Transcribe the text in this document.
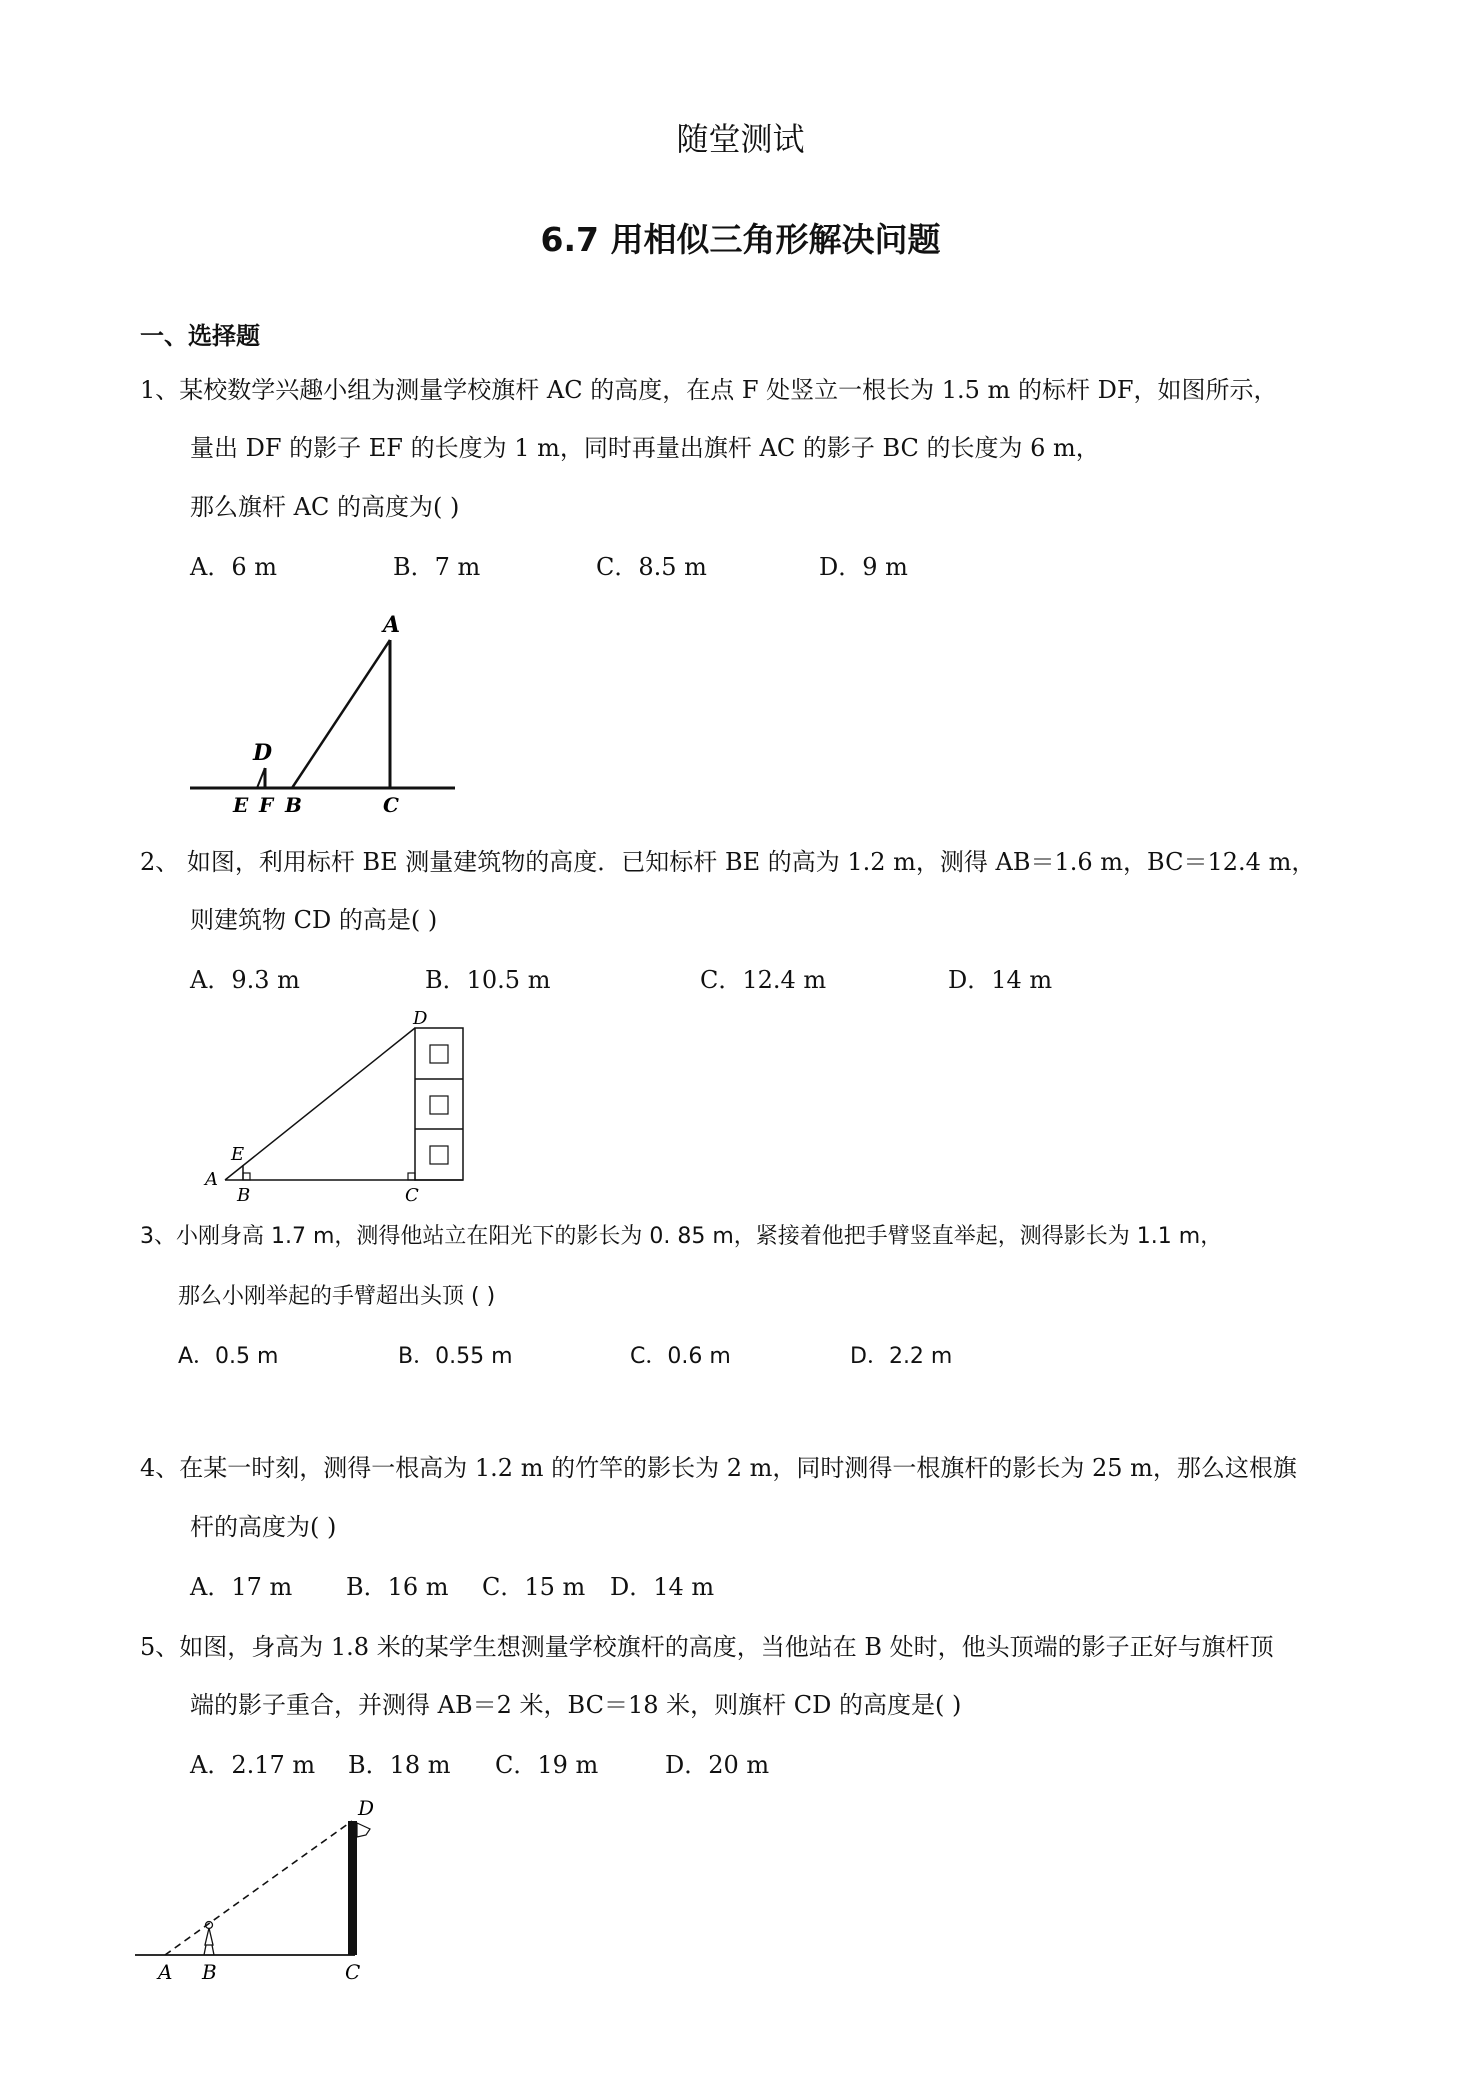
随堂测试
6.7 用相似三角形解决问题
一、选择题
1、某校数学兴趣小组为测量学校旗杆 AC 的高度，在点 F 处竖立一根长为 1.5 m 的标杆 DF，如图所示，
量出 DF 的影子 EF 的长度为 1 m，同时再量出旗杆 AC 的影子 BC 的长度为 6 m，
那么旗杆 AC 的高度为( )
A．6 m	B．7 m	C．8.5 m	D．9 m
A
D
E F B	C
2、 如图，利用标杆 BE 测量建筑物的高度．已知标杆 BE 的高为 1.2 m，测得 AB＝1.6 m，BC＝12.4 m，
则建筑物 CD 的高是( )
A．9.3 m	B．10.5 m	C．12.4 m	D．14 m
D
E
A
B	C
3、小刚身高 1.7 m，测得他站立在阳光下的影长为 0. 85 m，紧接着他把手臂竖直举起，测得影长为 1.1 m，
那么小刚举起的手臂超出头顶 ( )
A．0.5 m	B．0.55 m	C．0.6 m	D．2.2 m
4、在某一时刻，测得一根高为 1.2 m 的竹竿的影长为 2 m，同时测得一根旗杆的影长为 25 m，那么这根旗
杆的高度为( )
A．17 m B．16 m C．15 m D．14 m
5、如图，身高为 1.8 米的某学生想测量学校旗杆的高度，当他站在 B 处时，他头顶端的影子正好与旗杆顶
端的影子重合，并测得 AB＝2 米，BC＝18 米，则旗杆 CD 的高度是( )
A．2.17 m B．18 m C．19 m	D．20 m
D
A B	C
